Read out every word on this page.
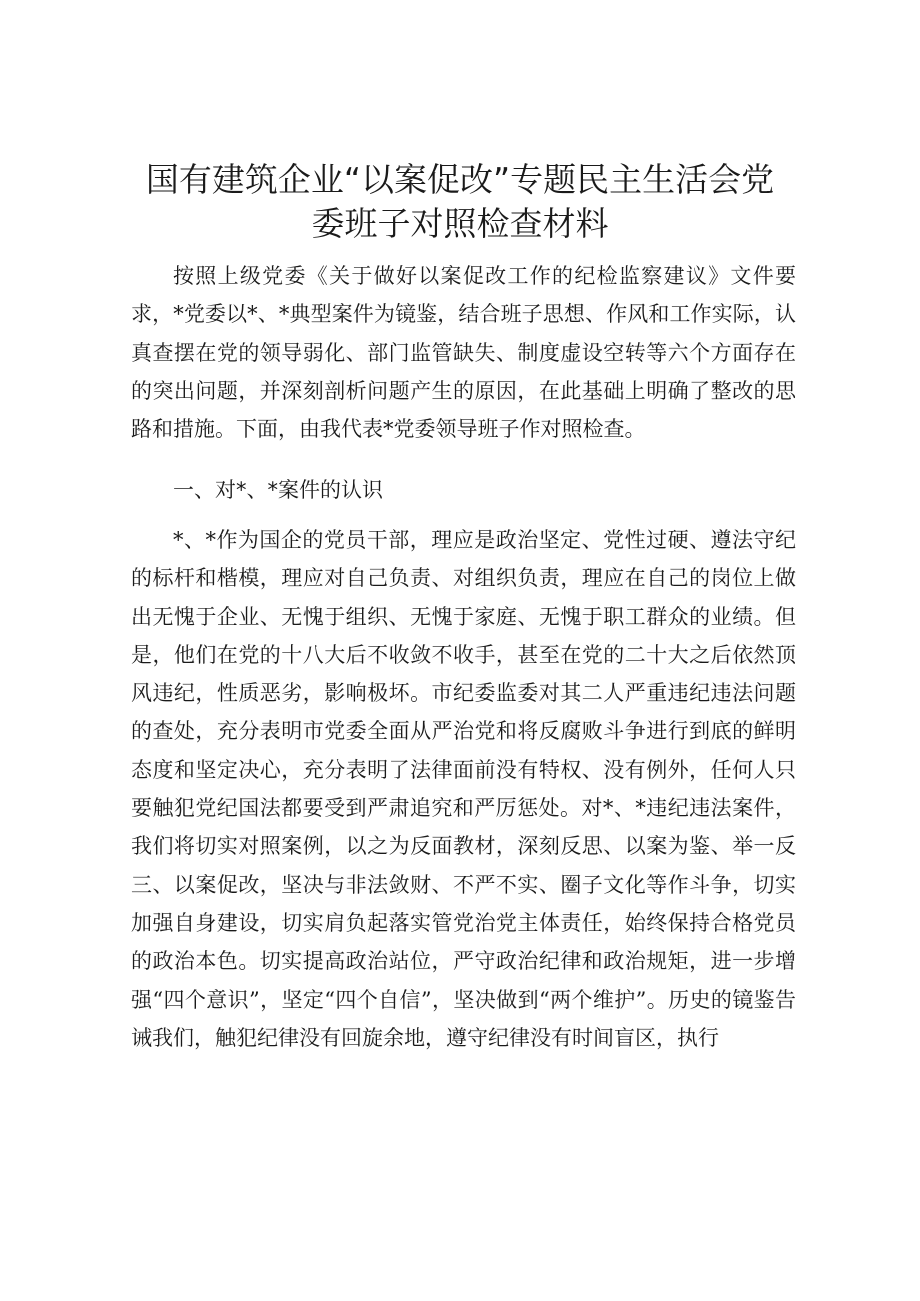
国有建筑企业“以案促改”专题民主生活会党委班子对照检查材料

按照上级党委《关于做好以案促改工作的纪检监察建议》文件要求，*党委以*、*典型案件为镜鉴，结合班子思想、作风和工作实际，认真查摆在党的领导弱化、部门监管缺失、制度虚设空转等六个方面存在的突出问题，并深刻剖析问题产生的原因，在此基础上明确了整改的思路和措施。下面，由我代表*党委领导班子作对照检查。

一、对*、*案件的认识

*、*作为国企的党员干部，理应是政治坚定、党性过硬、遵法守纪的标杆和楷模，理应对自己负责、对组织负责，理应在自己的岗位上做出无愧于企业、无愧于组织、无愧于家庭、无愧于职工群众的业绩。但是，他们在党的十八大后不收敛不收手，甚至在党的二十大之后依然顶风违纪，性质恶劣，影响极坏。市纪委监委对其二人严重违纪违法问题的查处，充分表明市党委全面从严治党和将反腐败斗争进行到底的鲜明态度和坚定决心，充分表明了法律面前没有特权、没有例外，任何人只要触犯党纪国法都要受到严肃追究和严厉惩处。对*、*违纪违法案件，我们将切实对照案例，以之为反面教材，深刻反思、以案为鉴、举一反三、以案促改，坚决与非法敛财、不严不实、圈子文化等作斗争，切实加强自身建设，切实肩负起落实管党治党主体责任，始终保持合格党员的政治本色。切实提高政治站位，严守政治纪律和政治规矩，进一步增强“四个意识”，坚定“四个自信”，坚决做到“两个维护”。历史的镜鉴告诫我们，触犯纪律没有回旋余地，遵守纪律没有时间盲区，执行
